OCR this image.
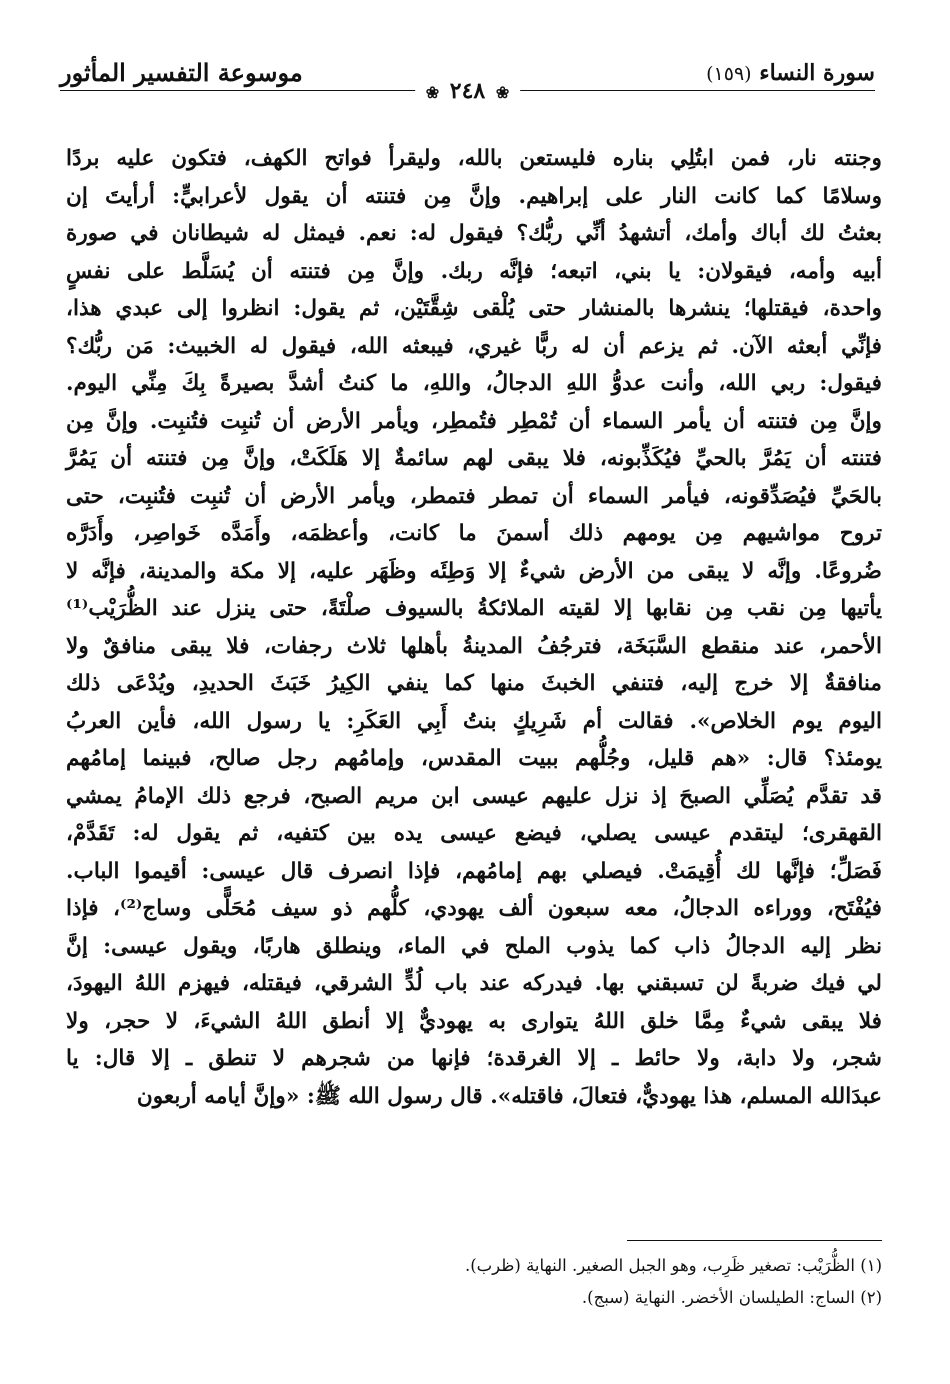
سورة النساء (١٥٩)
موسوعة التفسير المأثور
❀ ٢٤٨ ❀
وجنته نار، فمن ابتُلِي بناره فليستعن بالله، وليقرأ فواتح الكهف، فتكون عليه بردًا
وسلامًا كما كانت النار على إبراهيم. وإنَّ مِن فتنته أن يقول لأعرابيٍّ: أرأيتَ إن
بعثتُ لك أباك وأمك، أتشهدُ أنِّي ربُّك؟ فيقول له: نعم. فيمثل له شيطانان في صورة
أبيه وأمه، فيقولان: يا بني، اتبعه؛ فإنَّه ربك. وإنَّ مِن فتنته أن يُسَلَّط على نفسٍ
واحدة، فيقتلها؛ ينشرها بالمنشار حتى يُلْقى شِقَّتَيْن، ثم يقول: انظروا إلى عبدي هذا،
فإنِّي أبعثه الآن. ثم يزعم أن له ربًّا غيري، فيبعثه الله، فيقول له الخبيث: مَن ربُّك؟
فيقول: ربي الله، وأنت عدوُّ اللهِ الدجالُ، واللهِ، ما كنتُ أشدَّ بصيرةً بِكَ مِنِّي اليوم.
وإنَّ مِن فتنته أن يأمر السماء أن تُمْطِر فتُمطِر، ويأمر الأرض أن تُنبِت فتُنبِت. وإنَّ مِن
فتنته أن يَمُرَّ بالحيِّ فيُكَذِّبونه، فلا يبقى لهم سائمةٌ إلا هَلَكَتْ، وإنَّ مِن فتنته أن يَمُرَّ
بالحَيِّ فيُصَدِّقونه، فيأمر السماء أن تمطر فتمطر، ويأمر الأرض أن تُنبِت فتُنبِت، حتى
تروح مواشيهم مِن يومهم ذلك أسمنَ ما كانت، وأعظمَه، وأَمَدَّه خَواصِر، وأَدَرَّه
ضُروعًا. وإنَّه لا يبقى من الأرض شيءٌ إلا وَطِئَه وظَهَر عليه، إلا مكة والمدينة، فإنَّه لا
يأتيها مِن نقب مِن نقابها إلا لقيته الملائكةُ بالسيوف صلْتَةً، حتى ينزل عند الظُّرَيْب⁽¹⁾
الأحمر، عند منقطع السَّبَخَة، فترجُفُ المدينةُ بأهلها ثلاث رجفات، فلا يبقى منافقٌ ولا
منافقةٌ إلا خرج إليه، فتنفي الخبثَ منها كما ينفي الكِيرُ خَبَثَ الحديدِ، ويُدْعَى ذلك
اليوم يوم الخلاص». فقالت أم شَرِيكٍ بنتُ أَبِي العَكَرِ: يا رسول الله، فأين العربُ
يومئذ؟ قال: «هم قليل، وجُلُّهم ببيت المقدس، وإمامُهم رجل صالح، فبينما إمامُهم
قد تقدَّم يُصَلِّي الصبحَ إذ نزل عليهم عيسى ابن مريم الصبح، فرجع ذلك الإمامُ يمشي
القهقرى؛ ليتقدم عيسى يصلي، فيضع عيسى يده بين كتفيه، ثم يقول له: تَقَدَّمْ،
فَصَلِّ؛ فإنَّها لك أُقِيمَتْ. فيصلي بهم إمامُهم، فإذا انصرف قال عيسى: أقيموا الباب.
فيُفْتَح، ووراءه الدجالُ، معه سبعون ألف يهودي، كلُّهم ذو سيف مُحَلًّى وساج⁽²⁾، فإذا
نظر إليه الدجالُ ذاب كما يذوب الملح في الماء، وينطلق هاربًا، ويقول عيسى: إنَّ
لي فيك ضربةً لن تسبقني بها. فيدركه عند باب لُدٍّ الشرقي، فيقتله، فيهزم اللهُ اليهودَ،
فلا يبقى شيءٌ مِمَّا خلق اللهُ يتوارى به يهوديٌّ إلا أنطق اللهُ الشيءَ، لا حجر، ولا
شجر، ولا دابة، ولا حائط ـ إلا الغرقدة؛ فإنها من شجرهم لا تنطق ـ إلا قال: يا
عبدَالله المسلم، هذا يهوديٌّ، فتعالَ، فاقتله». قال رسول الله ﷺ: «وإنَّ أيامه أربعون
(١) الظُّرَيْب: تصغير ظَرِب، وهو الجبل الصغير. النهاية (ظرب).
(٢) الساج: الطيلسان الأخضر. النهاية (سبج).
